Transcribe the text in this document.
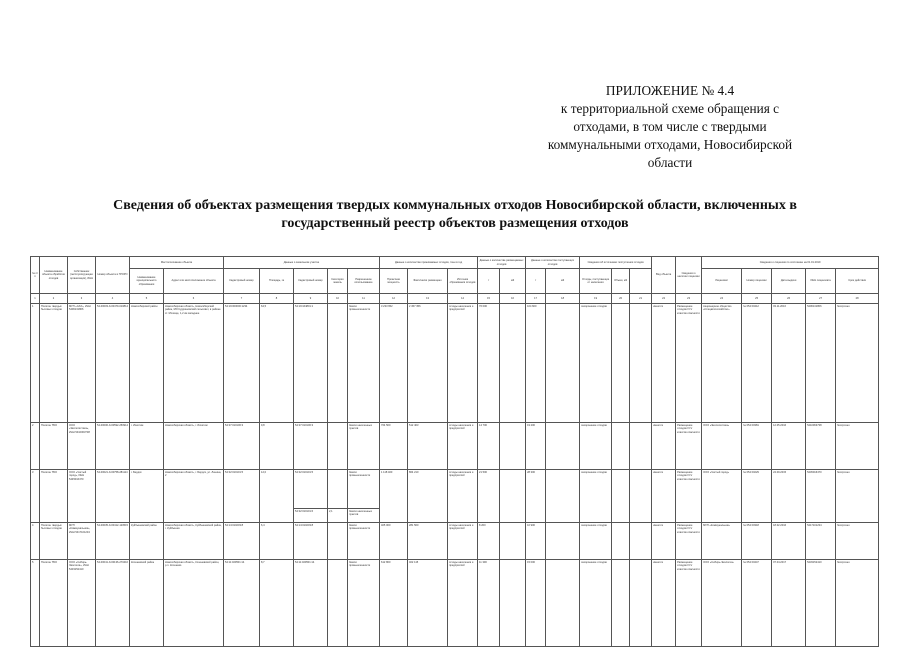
ПРИЛОЖЕНИЕ № 4.4
к территориальной схеме обращения с
отходами, в том числе с твердыми
коммунальными отходами, Новосибирской
области
Сведения об объектах размещения твердых коммунальных отходов Новосибирской области, включенных в
государственный реестр объектов размещения отходов
№ п/п	Наименование объекта обработки отходов	Собственник (эксплуатирующая организация), ИНН	Номер объекта в ГРОРО	Местоположение объекта		Данные о земельном участке					Данные о количестве принимаемых отходов, тонн в год			Данные о количестве размещаемых отходов		Данные о количестве поступающих отходов		Сведения об источниках поступления отходов			Вид объекта	Сведения о наличии лицензии	Сведения о лицензии по состоянию на 01.01.2019				
				Наименование муниципального образования	Адрес или местоположение объекта	Кадастровый номер	Площадь, га	Кадастровый номер	Категория земель	Разрешенное использование	Проектная мощность	Фактически размещено	Источник образования отходов	т	м3	т	м3	Отходы, поступающие от населения	Объем, м3				Лицензиат	Номер лицензии	Дата выдачи	ИНН лицензиата	Срок действия
1	2	3	4	5	6	7	8	9	10	11	12	13	14	15	16	17	18	19	20	21	22	23	24	25	26	27	28
1	Полигон твердых бытовых отходов	МУП «САХ», ИНН 5406131806	54-00003-З-00479-010814	Новосибирский район	Новосибирская область, Новосибирский район, МО Кудряшовский сельсовет, в районе ст. Мочище, 1,2 км западнее	54:19:000000:1234	64,5	54:19:164801:1		Земли промышленности	3 233 652	2 457 356	отходы населения и предприятий	76 000		104 600		захоронение отходов			имеется	Размещение отходов IV-V классов опасности	Акционерное общество «Спецавтохозяйство»	№ 054 00412	03.11.2016	5406131806	бессрочно
2	Полигон ТБО	ООО «Экологистика», ИНН 5410063738	54-00006-З-00592-250914	г. Искитим	Новосибирская область, г. Искитим	54:37:010106:3	9,8	54:37:010106:3		Земли населенных пунктов	764 500	512 403	отходы населения и предприятий	14 700		19 200		захоронение отходов			имеется	Размещение отходов IV-V классов опасности	ООО «Экологистика»	№ 054 00381	12.05.2016	5410063738	бессрочно
3	Полигон ТБО	ООО «Чистый город», ИНН 5445016470	54-00021-З-00758-281114	г. Бердск	Новосибирская область, г. Бердск, ул. Ленина, 2	54:32:010101:5	12,0	54:32:010101:5		Земли промышленности	1 118 400	864 210	отходы населения и предприятий	21 500		28 300		захоронение отходов			имеется	Размещение отходов IV-V классов опасности	ООО «Чистый город»	№ 054 00229	24.09.2015	5445016470	бессрочно
								54:32:010101:6	2,1	Земли населенных пунктов																	
4	Полигон твердых бытовых отходов	МУП «Коммунальник», ИНН 5417101234	54-00035-З-00412-120515	Куйбышевский район	Новосибирская область, Куйбышевский район, г. Куйбышев	54:14:010203:8	6,4	54:14:010203:8		Земли промышленности	405 000	281 560	отходы населения и предприятий	8 200		10 900		захоронение отходов			имеется	Размещение отходов IV-V классов опасности	МУП «Коммунальник»	№ 054 00318	18.02.2016	5417101234	бессрочно
5	Полигон ТБО	ООО «Сибирь-Экология», ИНН 5433152410	54-00041-З-00136-270416	Коченевский район	Новосибирская область, Коченевский район, р.п. Коченево	54:11:020501:14	8,7	54:11:020501:14		Земли промышленности	612 800	402 115	отходы населения и предприятий	11 300		15 000		захоронение отходов			имеется	Размещение отходов IV-V классов опасности	ООО «Сибирь-Экология»	№ 054 00447	07.04.2017	5433152410	бессрочно
